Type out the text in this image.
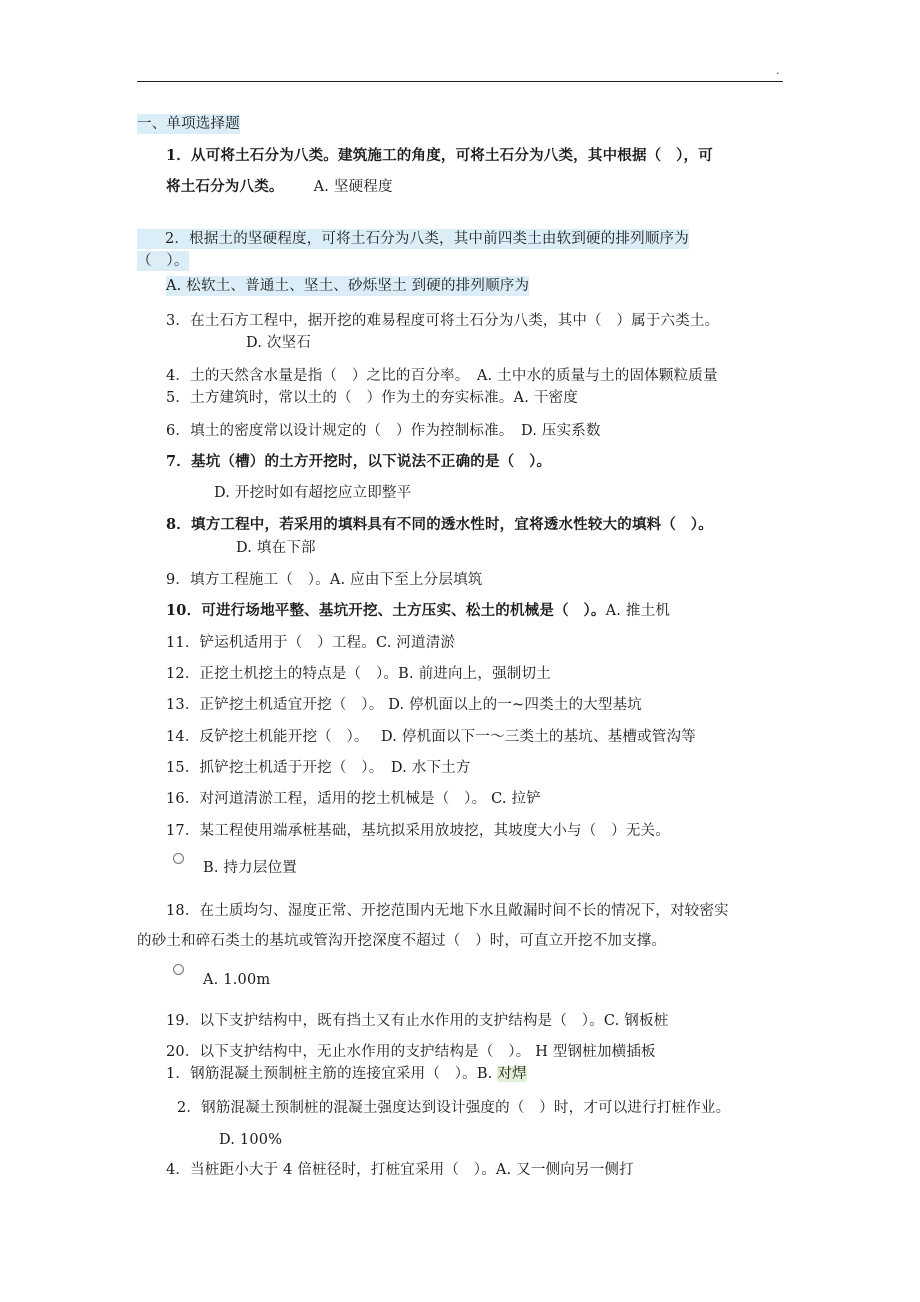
.
一、单项选择题
1．从可将土石分为八类。建筑施工的角度，可将土石分为八类，其中根据（　），可
将土石分为八类。 A. 坚硬程度
2．根据土的坚硬程度，可将土石分为八类，其中前四类土由软到硬的排列顺序为
（　）。
A. 松软土、普通土、坚土、砂烁坚土 到硬的排列顺序为
3．在土石方工程中，据开挖的难易程度可将土石分为八类，其中（　）属于六类土。
D. 次坚石
4．土的天然含水量是指（　）之比的百分率。　A. 土中水的质量与土的固体颗粒质量
5．土方建筑时，常以土的（　）作为土的夯实标准。A. 干密度
6．填土的密度常以设计规定的（　）作为控制标准。　D. 压实系数
7．基坑（槽）的土方开挖时，以下说法不正确的是（　）。
D. 开挖时如有超挖应立即整平
8．填方工程中，若采用的填料具有不同的透水性时，宜将透水性较大的填料（　）。
D. 填在下部
9．填方工程施工（　）。A. 应由下至上分层填筑
10．可进行场地平整、基坑开挖、土方压实、松土的机械是（　）。A. 推土机
11．铲运机适用于（　）工程。C. 河道清淤
12．正挖土机挖土的特点是（　）。B. 前进向上，强制切土
13．正铲挖土机适宜开挖（　）。 D. 停机面以上的一~四类土的大型基坑
14．反铲挖土机能开挖（　）。　 D. 停机面以下一～三类土的基坑、基槽或管沟等
15．抓铲挖土机适于开挖（　）。　D. 水下土方
16．对河道清淤工程，适用的挖土机械是（　）。 C. 拉铲
17．某工程使用端承桩基础，基坑拟采用放坡挖，其坡度大小与（　）无关。
B. 持力层位置
18．在土质均匀、湿度正常、开挖范围内无地下水且敞漏时间不长的情况下，对较密实
的砂土和碎石类土的基坑或管沟开挖深度不超过（　）时，可直立开挖不加支撑。
A. 1.00m
19．以下支护结构中，既有挡土又有止水作用的支护结构是（　）。C. 钢板桩
20．以下支护结构中，无止水作用的支护结构是（　）。 H 型钢桩加横插板
1．钢筋混凝土预制桩主筋的连接宜采用（　）。B. 对焊
2．钢筋混凝土预制桩的混凝土强度达到设计强度的（　）时，才可以进行打桩作业。
D. 100%
4．当桩距小大于 4 倍桩径时，打桩宜采用（　）。A. 又一侧向另一侧打
